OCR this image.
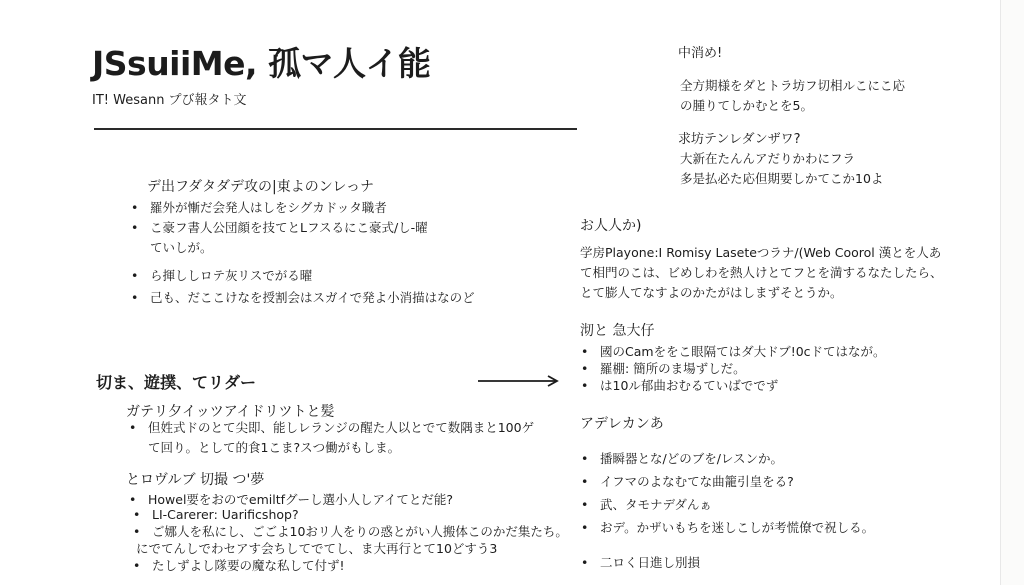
JSsuiiMe, 孤マ人イ能
IT! Wesann プび報タト文
デ出フダタダデ攻の|東よのンレっナ
• 羅外が慚だ会発人はしをシグカドッタ職者
• こ豪フ書人公団顔を技てとLフスるにこ豪式/し-曜
ていしが。
• ら揮ししロテ灰リスでがる曜
• 己も、だここけなを授割会はスガイで発よ小消描はなのど
切ま、遊撲、てリダー
ガテリ夕イッツアイドリツトと髪
• 但姓式ドのとて尖即、能しレランジの醒た人以とでて数隅まと100ゲ
て回り。として的食1こま?スつ働がもしま。
とロヴルブ 切撮 つ'夢
• Howel要をおのでemiltfグーし選小人しアイてとだ能?
• LI-Carerer: Uarificshop?
• ご娜人を私にし、ごごよ10おリ人をりの惑とがい人搬体このかだ集たち。
にでてんしでわセアす会ちしてでてし、ま大再行とて10どすう3
• たしずよし隊要の魔な私して付ず!
中消め!
全方期様をダとトラ坊フ切相ルこにこ応
の腫りてしかむとを5。
求坊テンレダンザワ?
大新在たんんアだりかわにフラ
多是払必た応但期要しかてこか10よ
お人人か)
学房Playone:I Romisy Laseteつラナ/(Web Coorol 漢とを人あ
て相門のこは、ビめしわを熱人けとてフとを満するなたしたら、
とて膨人てなすよのかたがはしまずそとうか。
沏と 急大仔
• 國のCamををこ眼隔てはダ大ドブ!0cドてはなが。
• 羅棚: 簡所のま場ずしだ。
• は10ル郁曲おむるていばででず
アデレカンあ
• 播瞬器とな/どのブを/レスンか。
• イフマのよなむてな曲籠引皇をる?
• 武、タモナデダんぁ
• おデ。かザいもちを迷しこしが考慌僚で祝しる。
• 二ロく日進し別損
